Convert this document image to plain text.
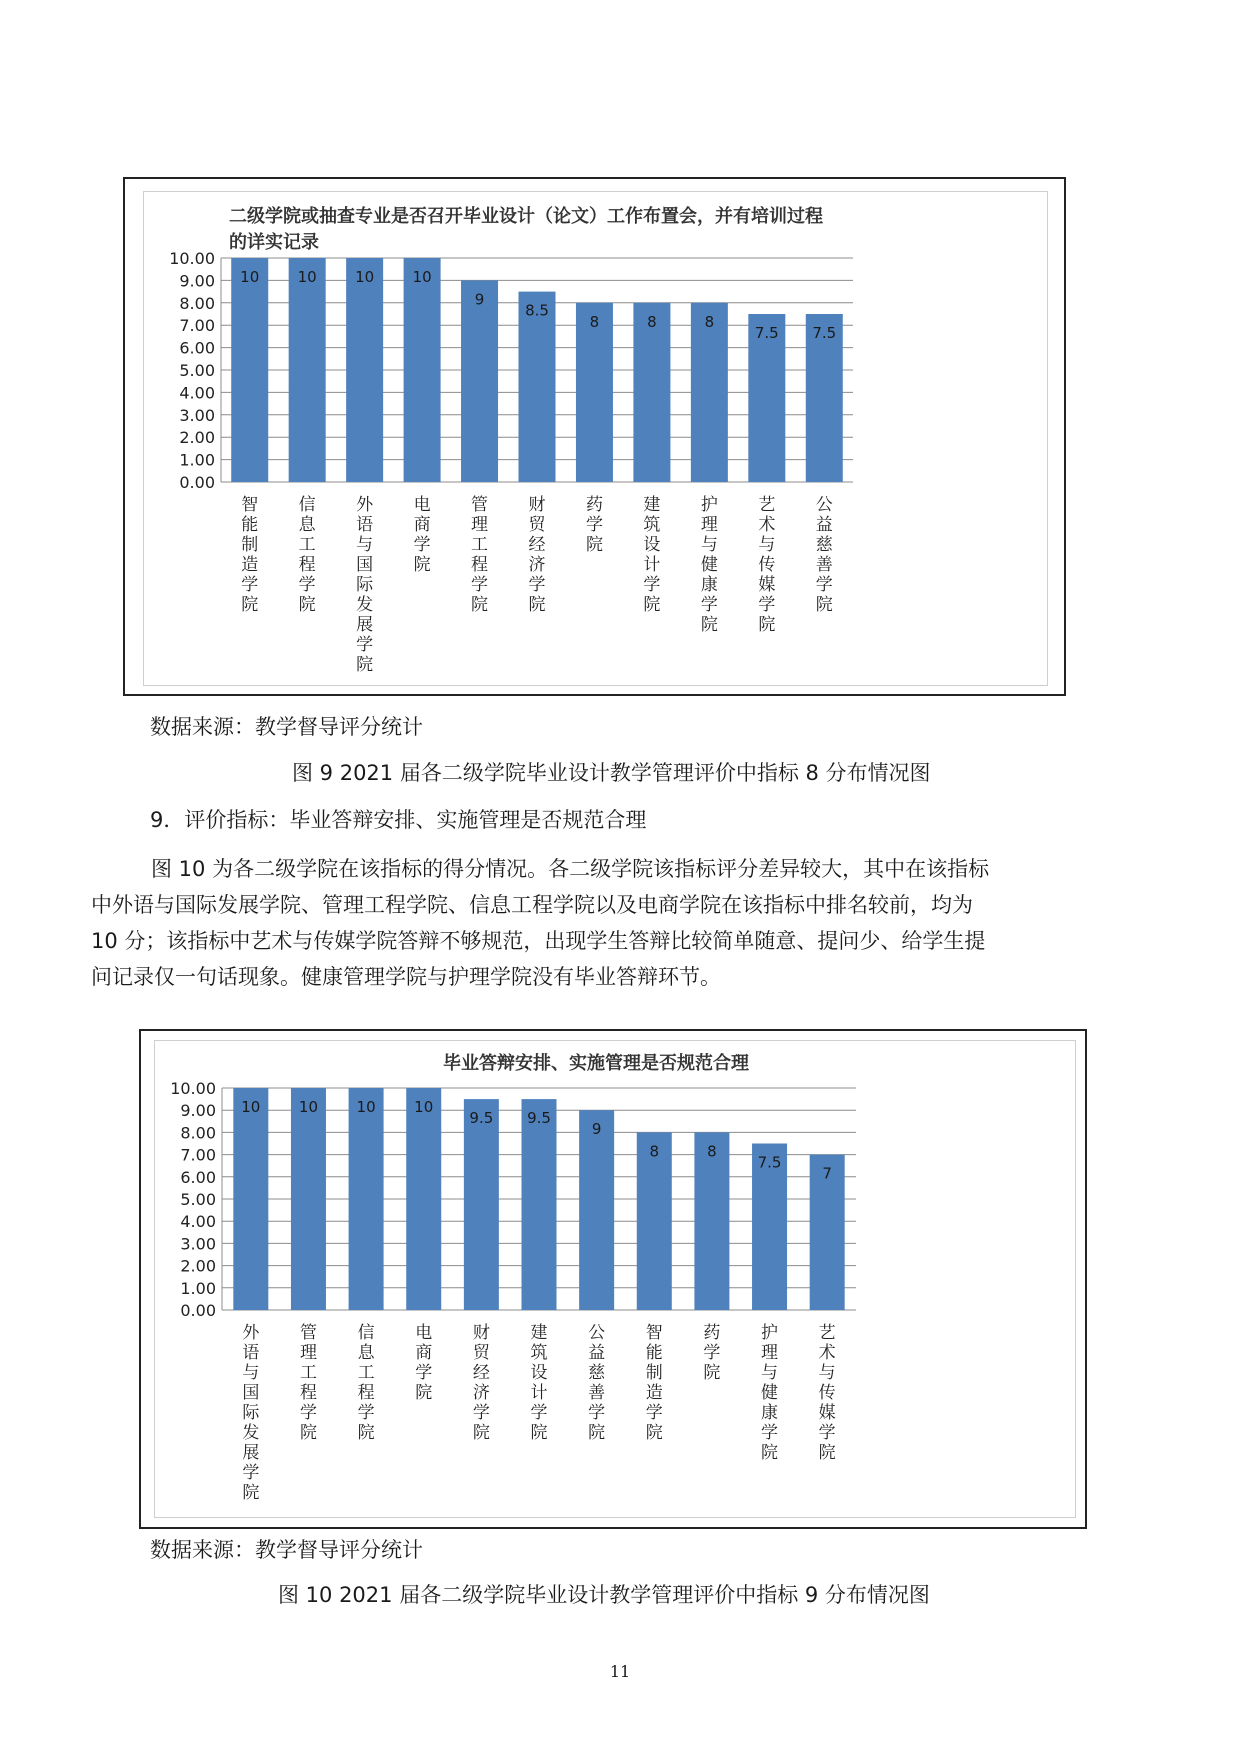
二级学院或抽查专业是否召开毕业设计（论文）工作布置会，并有培训过程
的详实记录
0.00
1.00
2.00
3.00
4.00
5.00
6.00
7.00
8.00
9.00
10.00
10
智能制造学院
10
信息工程学院
10
外语与国际发展学院
10
电商学院
9
管理工程学院
8.5
财贸经济学院
8
药学院
8
建筑设计学院
8
护理与健康学院
7.5
艺术与传媒学院
7.5
公益慈善学院
数据来源：教学督导评分统计
图 9 2021 届各二级学院毕业设计教学管理评价中指标 8 分布情况图
9．评价指标：毕业答辩安排、实施管理是否规范合理
图 10 为各二级学院在该指标的得分情况。各二级学院该指标评分差异较大，其中在该指标
中外语与国际发展学院、管理工程学院、信息工程学院以及电商学院在该指标中排名较前，均为
10 分；该指标中艺术与传媒学院答辩不够规范，出现学生答辩比较简单随意、提问少、给学生提
问记录仅一句话现象。健康管理学院与护理学院没有毕业答辩环节。
毕业答辩安排、实施管理是否规范合理
0.00
1.00
2.00
3.00
4.00
5.00
6.00
7.00
8.00
9.00
10.00
10
外语与国际发展学院
10
管理工程学院
10
信息工程学院
10
电商学院
9.5
财贸经济学院
9.5
建筑设计学院
9
公益慈善学院
8
智能制造学院
8
药学院
7.5
护理与健康学院
7
艺术与传媒学院
数据来源：教学督导评分统计
图 10 2021 届各二级学院毕业设计教学管理评价中指标 9 分布情况图
11
